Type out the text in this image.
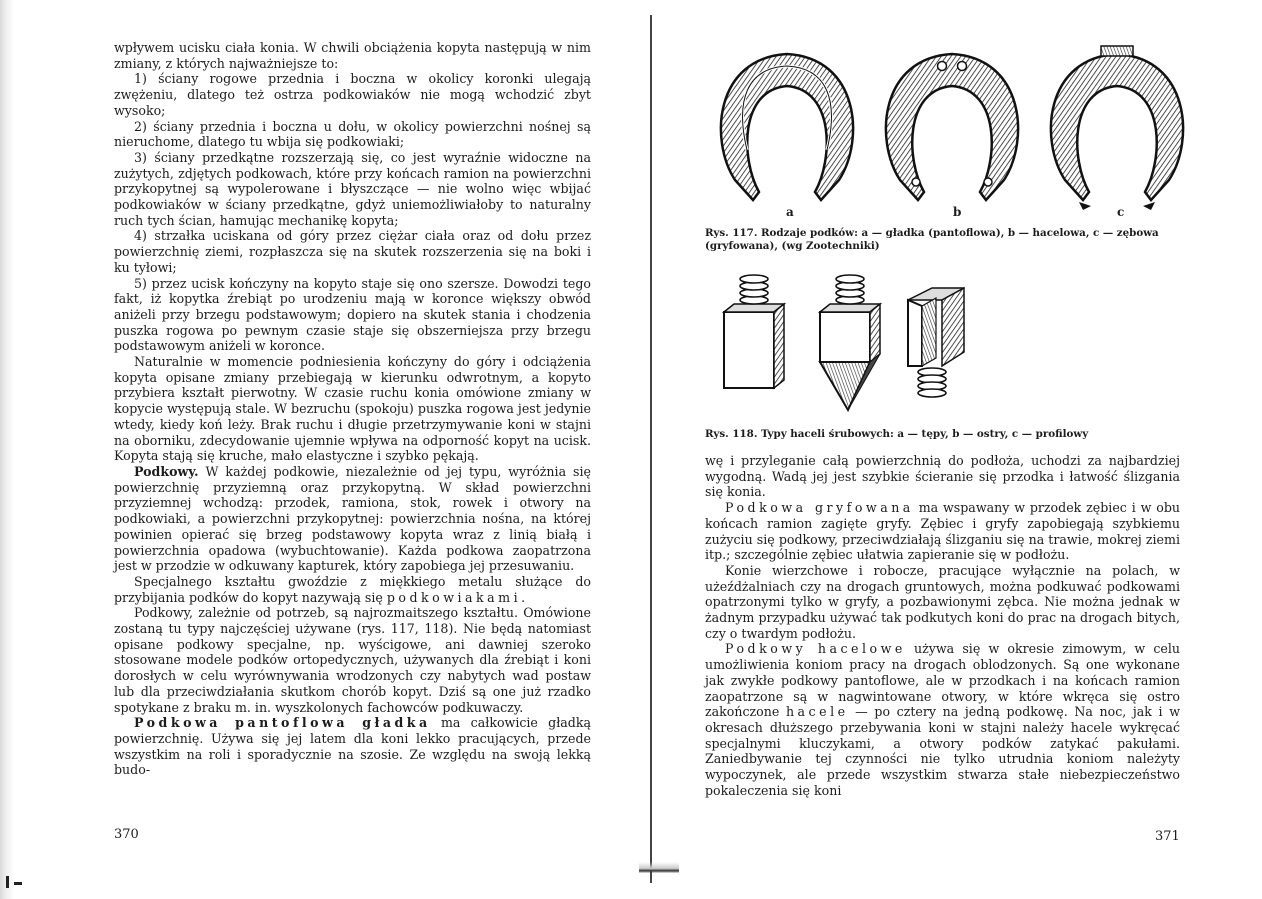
wpływem ucisku ciała konia. W chwili obciążenia kopyta następują w nim zmiany, z których najważniejsze to:

1) ściany rogowe przednia i boczna w okolicy koronki ulegają zwężeniu, dlatego też ostrza podkowiaków nie mogą wchodzić zbyt wysoko;

2) ściany przednia i boczna u dołu, w okolicy powierzchni nośnej są nieruchome, dlatego tu wbija się podkowiaki;

3) ściany przedkątne rozszerzają się, co jest wyraźnie widoczne na zużytych, zdjętych podkowach, które przy końcach ramion na powierzchni przykopytnej są wypolerowane i błyszczące — nie wolno więc wbijać podkowiaków w ściany przedkątne, gdyż uniemożliwiałoby to naturalny ruch tych ścian, hamując mechanikę kopyta;

4) strzałka uciskana od góry przez ciężar ciała oraz od dołu przez powierzchnię ziemi, rozpłaszcza się na skutek rozszerzenia się na boki i ku tyłowi;

5) przez ucisk kończyny na kopyto staje się ono szersze. Dowodzi tego fakt, iż kopytka źrebiąt po urodzeniu mają w koronce większy obwód aniżeli przy brzegu podstawowym; dopiero na skutek stania i chodzenia puszka rogowa po pewnym czasie staje się obszerniejsza przy brzegu podstawowym aniżeli w koronce.

Naturalnie w momencie podniesienia kończyny do góry i odciążenia kopyta opisane zmiany przebiegają w kierunku odwrotnym, a kopyto przybiera kształt pierwotny. W czasie ruchu konia omówione zmiany w kopycie występują stale. W bezruchu (spokoju) puszka rogowa jest jedynie wtedy, kiedy koń leży. Brak ruchu i długie przetrzymywanie koni w stajni na oborniku, zdecydowanie ujemnie wpływa na odporność kopyt na ucisk. Kopyta stają się kruche, mało elastyczne i szybko pękają.

Podkowy. W każdej podkowie, niezależnie od jej typu, wyróżnia się powierzchnię przyziemną oraz przykopytną. W skład powierzchni przyziemnej wchodzą: przodek, ramiona, stok, rowek i otwory na podkowiaki, a powierzchni przykopytnej: powierzchnia nośna, na której powinien opierać się brzeg podstawowy kopyta wraz z linią białą i powierzchnia opadowa (wybuchtowanie). Każda podkowa zaopatrzona jest w przodzie w odkuwany kapturek, który zapobiega jej przesuwaniu.

Specjalnego kształtu gwoździe z miękkiego metalu służące do przybijania podków do kopyt nazywają się podkowiakami.

Podkowy, zależnie od potrzeb, są najrozmaitszego kształtu. Omówione zostaną tu typy najczęściej używane (rys. 117, 118). Nie będą natomiast opisane podkowy specjalne, np. wyścigowe, ani dawniej szeroko stosowane modele podków ortopedycznych, używanych dla źrebiąt i koni dorosłych w celu wyrównywania wrodzonych czy nabytych wad postaw lub dla przeciwdziałania skutkom chorób kopyt. Dziś są one już rzadko spotykane z braku m. in. wyszkolonych fachowców podkuwaczy.

Podkowa pantoflowa gładka ma całkowicie gładką powierzchnię. Używa się jej latem dla koni lekko pracujących, przede wszystkim na roli i sporadycznie na szosie. Ze względu na swoją lekką budo-

370
a	b	c
Rys. 117. Rodzaje podków: a — gładka (pantoflowa), b — hacelowa, c — zębowa (gryfowana), (wg Zootechniki)
Rys. 118. Typy haceli śrubowych: a — tępy, b — ostry, c — profilowy

wę i przyleganie całą powierzchnią do podłoża, uchodzi za najbardziej wygodną. Wadą jej jest szybkie ścieranie się przodka i łatwość ślizgania się konia.

Podkowa gryfowana ma wspawany w przodek zębiec i w obu końcach ramion zagięte gryfy. Zębiec i gryfy zapobiegają szybkiemu zużyciu się podkowy, przeciwdziałają ślizganiu się na trawie, mokrej ziemi itp.; szczególnie zębiec ułatwia zapieranie się w podłożu.

Konie wierzchowe i robocze, pracujące wyłącznie na polach, w użeźdżalniach czy na drogach gruntowych, można podkuwać podkowami opatrzonymi tylko w gryfy, a pozbawionymi zębca. Nie można jednak w żadnym przypadku używać tak podkutych koni do prac na drogach bitych, czy o twardym podłożu.

Podkowy hacelowe używa się w okresie zimowym, w celu umożliwienia koniom pracy na drogach oblodzonych. Są one wykonane jak zwykłe podkowy pantoflowe, ale w przodkach i na końcach ramion zaopatrzone są w nagwintowane otwory, w które wkręca się ostro zakończone hacele — po cztery na jedną podkowę. Na noc, jak i w okresach dłuższego przebywania koni w stajni należy hacele wykręcać specjalnymi kluczykami, a otwory podków zatykać pakułami. Zaniedbywanie tej czynności nie tylko utrudnia koniom należyty wypoczynek, ale przede wszystkim stwarza stałe niebezpieczeństwo pokaleczenia się koni

371
